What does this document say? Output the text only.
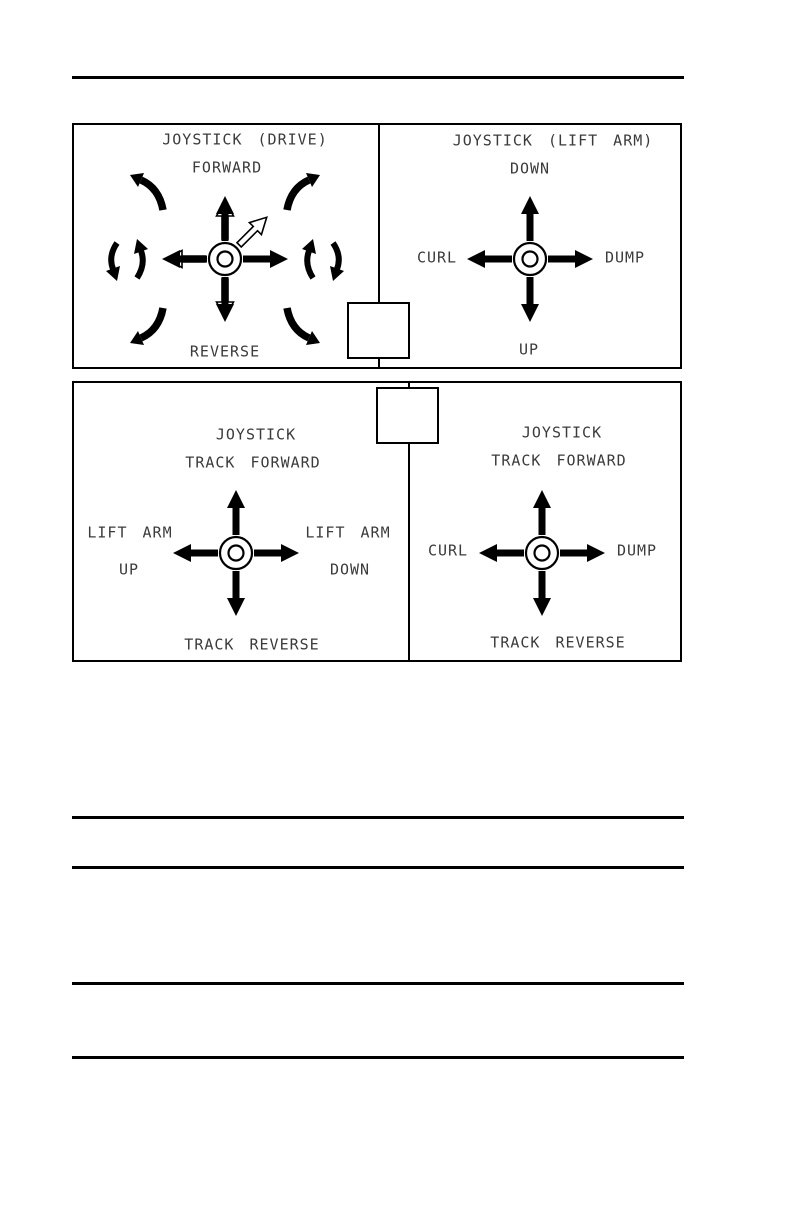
JOYSTICK (DRIVE)
FORWARD
REVERSE
JOYSTICK (LIFT ARM)
DOWN
CURL	DUMP
UP
JOYSTICK
TRACK FORWARD
LIFT ARM
UP
LIFT ARM
DOWN
TRACK REVERSE
JOYSTICK
TRACK FORWARD
CURL	DUMP
TRACK REVERSE
